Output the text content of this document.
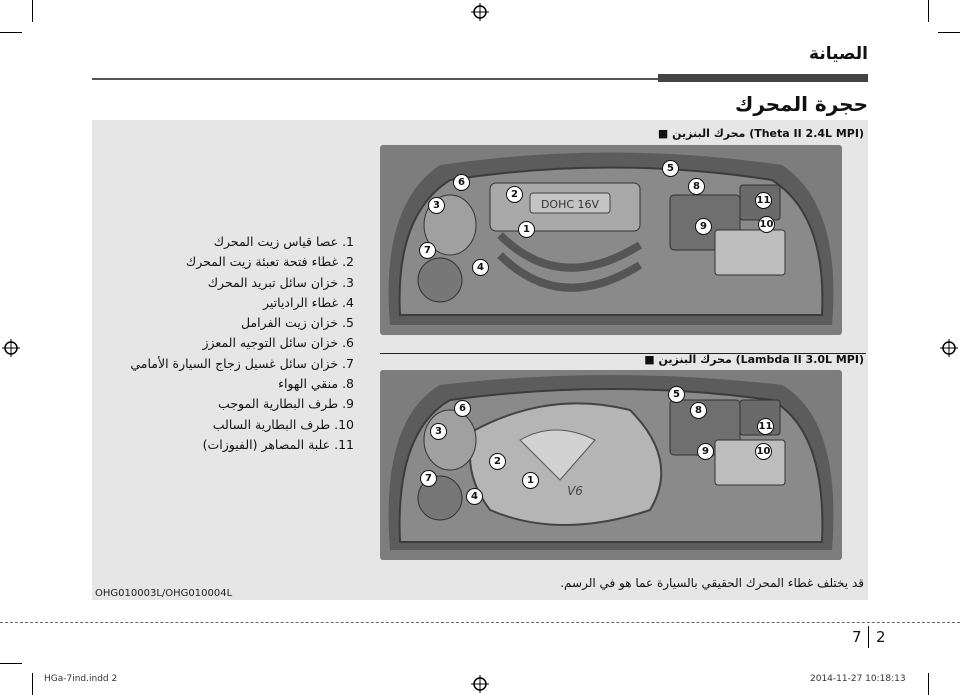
الصيانة
حجرة المحرك
(Theta II 2.4L MPI) محرك البنزين ■
DOHC 16V
1
2
3
4
5
6
7
8
9	10
11
(Lambda II 3.0L MPI) محرك البنزين ■
V6
1
2
3
4
5
6
7
8
9	10
11
1. عصا قياس زيت المحرك
2. غطاء فتحة تعبئة زيت المحرك
3. خزان سائل تبريد المحرك
4. غطاء الرادياتير
5. خزان زيت الفرامل
6. خزان سائل التوجيه المعزز
7. خزان سائل غسيل زجاج السيارة الأمامي
8. منقي الهواء
9. طرف البطارية الموجب
10. طرف البطارية السالب
11. علبة المصاهر (الفيوزات)
OHG010003L/OHG010004L
قد يختلف غطاء المحرك الحقيقي بالسيارة عما هو في الرسم.
7 2
HGa-7ind.indd 2	2014-11-27 10:18:13
